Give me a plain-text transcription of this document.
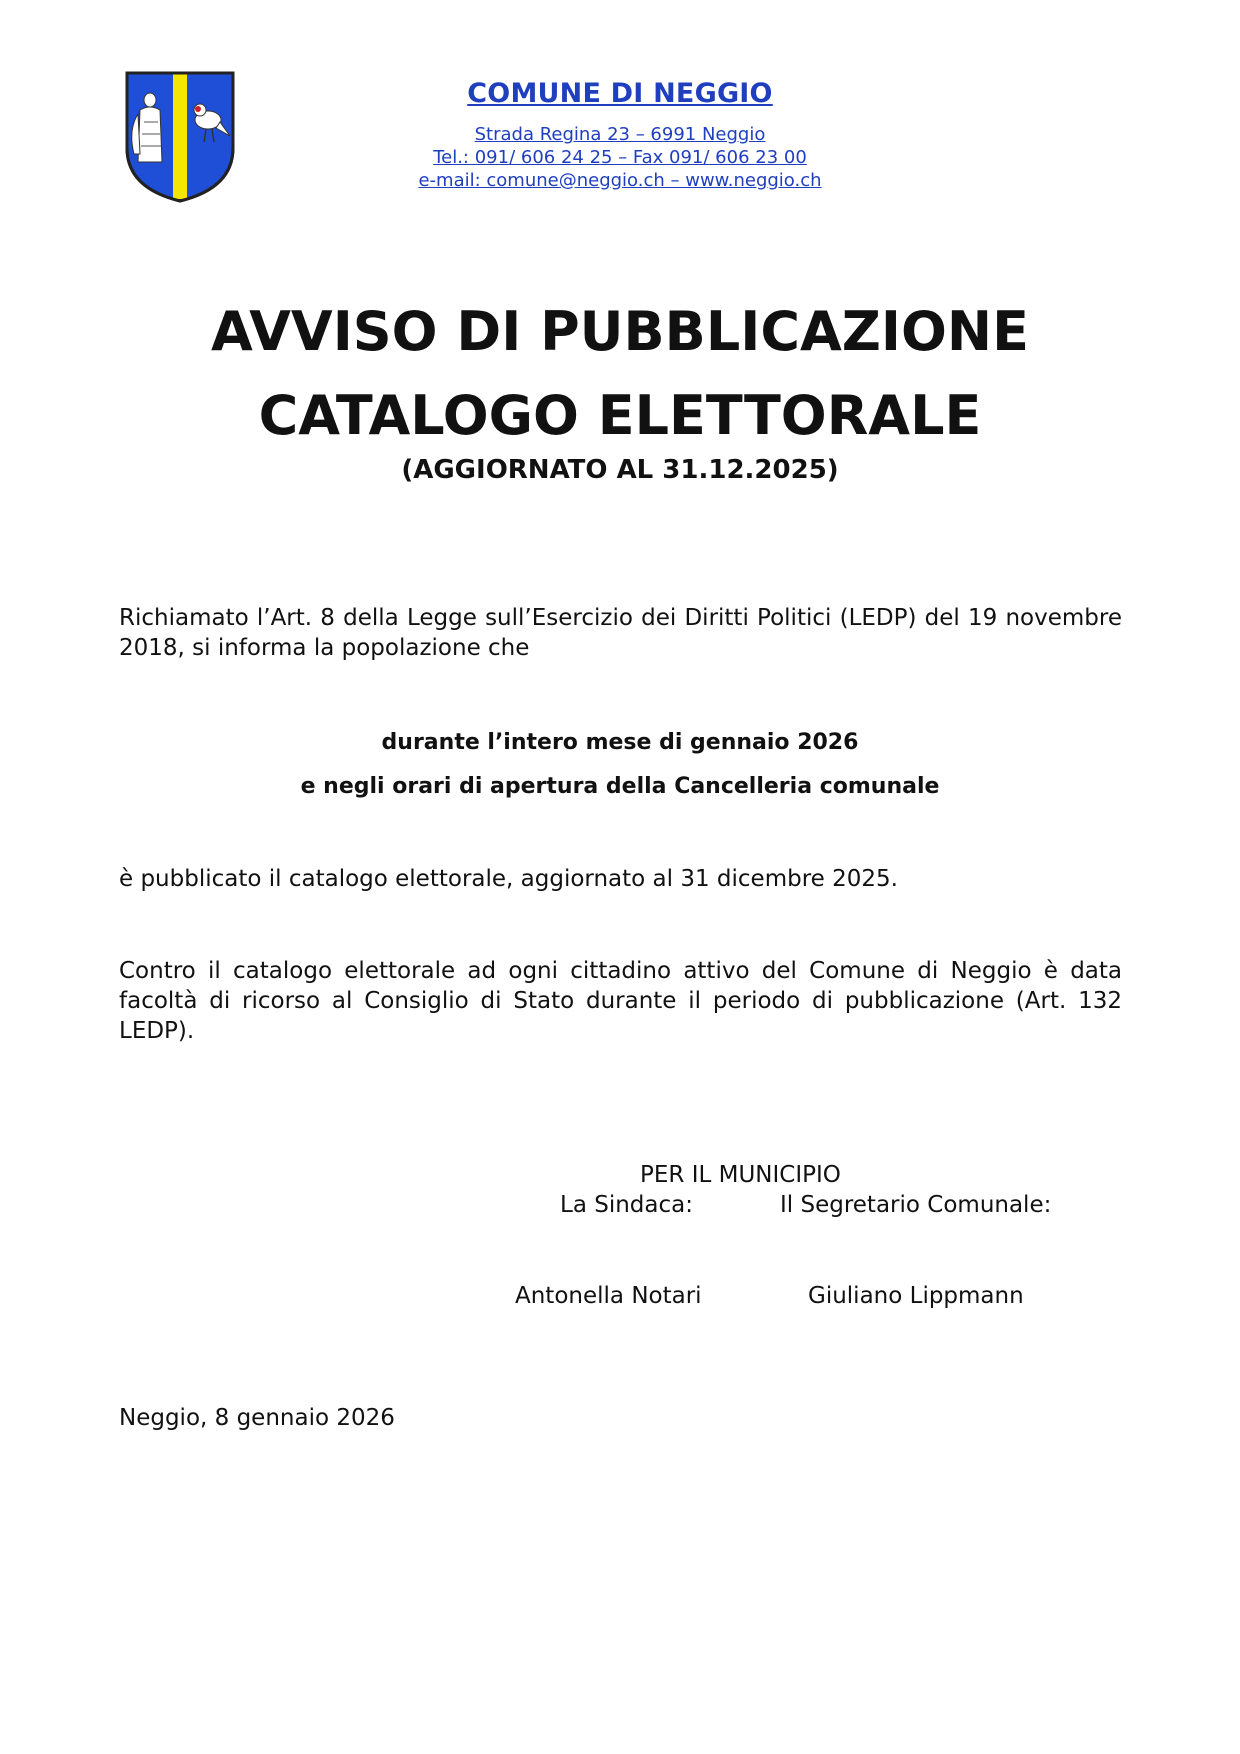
COMUNE DI NEGGIO
Strada Regina 23 – 6991 Neggio
Tel.: 091/ 606 24 25 – Fax 091/ 606 23 00
e-mail: comune@neggio.ch – www.neggio.ch
AVVISO DI PUBBLICAZIONE
CATALOGO ELETTORALE
(AGGIORNATO AL 31.12.2025)
Richiamato l’Art. 8 della Legge sull’Esercizio dei Diritti Politici (LEDP) del 19 novembre 2018, si informa la popolazione che
durante l’intero mese di gennaio 2026
e negli orari di apertura della Cancelleria comunale
è pubblicato il catalogo elettorale, aggiornato al 31 dicembre 2025.
Contro il catalogo elettorale ad ogni cittadino attivo del Comune di Neggio è data facoltà di ricorso al Consiglio di Stato durante il periodo di pubblicazione (Art. 132 LEDP).
PER IL MUNICIPIO
La Sindaca:	Il Segretario Comunale:
Antonella Notari	Giuliano Lippmann
Neggio, 8 gennaio 2026
